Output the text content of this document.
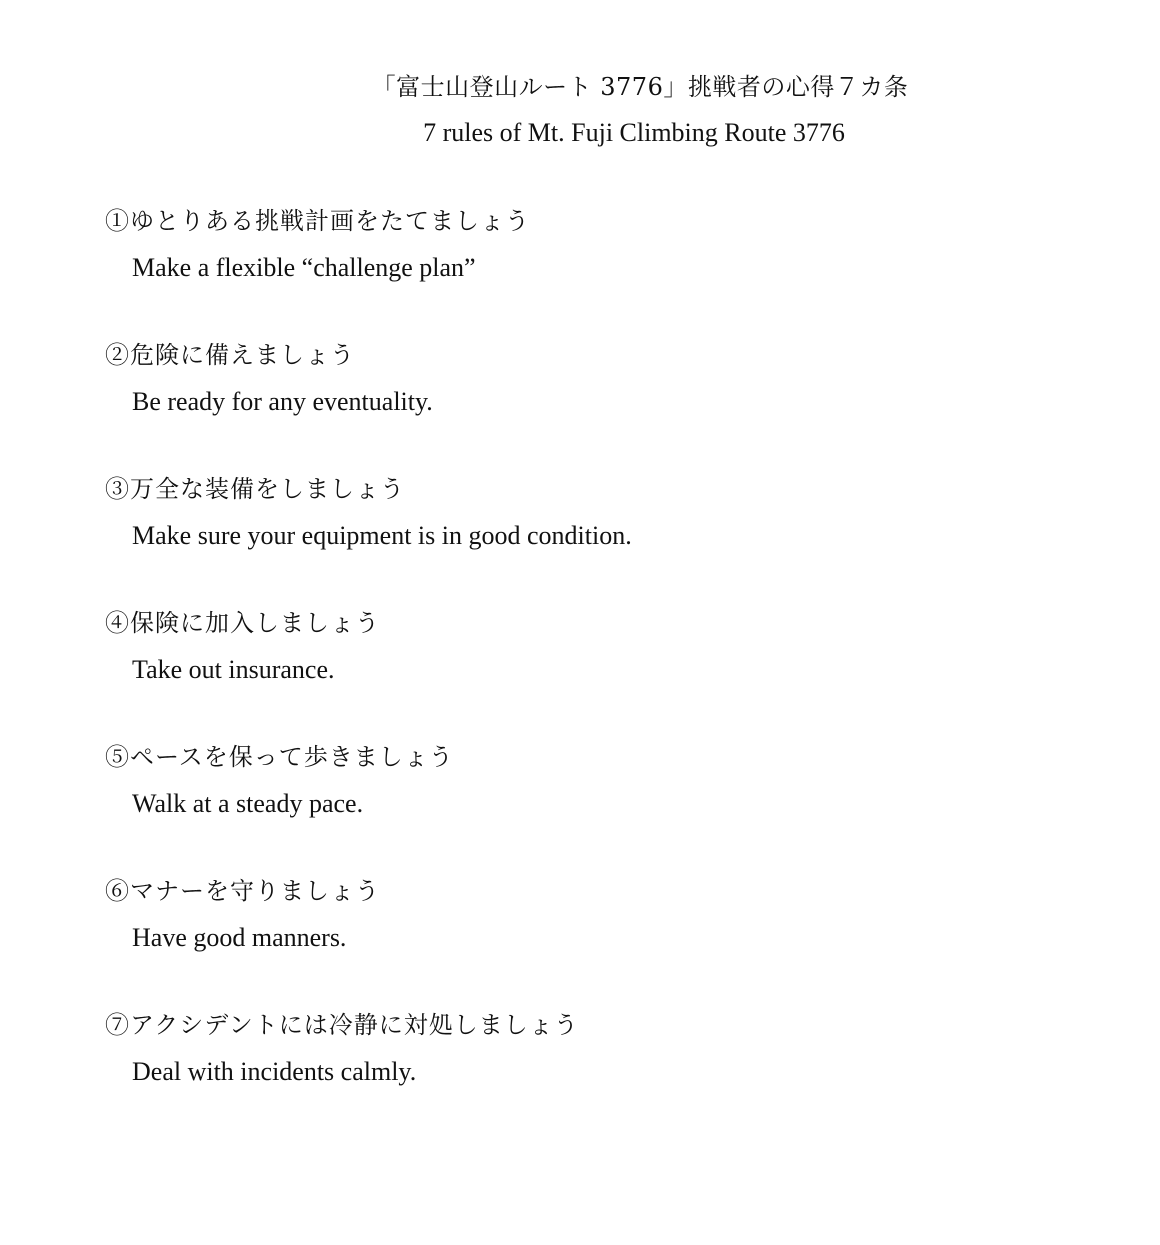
「富士山登山ルート 3776」挑戦者の心得７カ条
7 rules of Mt. Fuji Climbing Route 3776
①ゆとりある挑戦計画をたてましょう
Make a flexible “challenge plan”
②危険に備えましょう
Be ready for any eventuality.
③万全な装備をしましょう
Make sure your equipment is in good condition.
④保険に加入しましょう
Take out insurance.
⑤ペースを保って歩きましょう
Walk at a steady pace.
⑥マナーを守りましょう
Have good manners.
⑦アクシデントには冷静に対処しましょう
Deal with incidents calmly.
